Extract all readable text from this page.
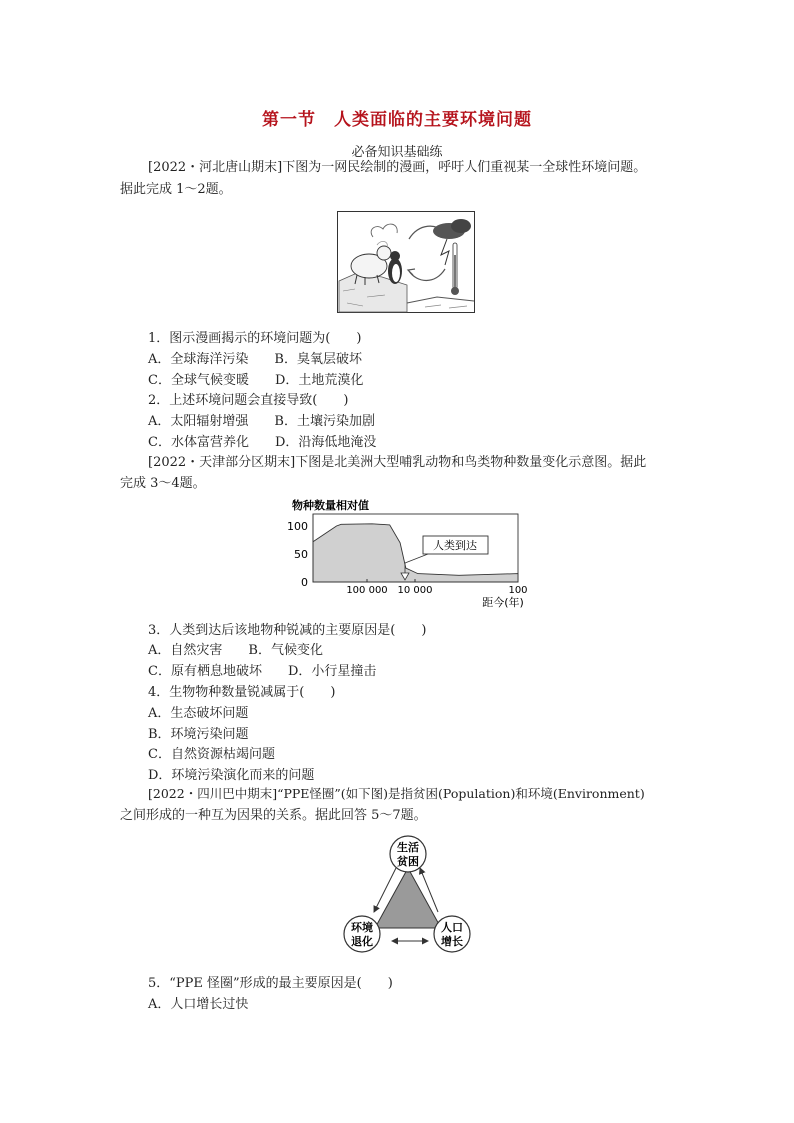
第一节　人类面临的主要环境问题
必备知识基础练
[2022・河北唐山期末]下图为一网民绘制的漫画，呼吁人们重视某一全球性环境问题。
据此完成 1～2题。
1．图示漫画揭示的环境问题为(　　)
A．全球海洋污染　　B．臭氧层破坏
C．全球气候变暖　　D．土地荒漠化
2．上述环境问题会直接导致(　　)
A．太阳辐射增强　　B．土壤污染加剧
C．水体富营养化　　D．沿海低地淹没
[2022・天津部分区期末]下图是北美洲大型哺乳动物和鸟类物种数量变化示意图。据此
完成 3～4题。
物种数量相对值
100
50
0
100 000 10 000	100
距今(年)
人类到达
3．人类到达后该地物种锐减的主要原因是(　　)
A．自然灾害　　B．气候变化
C．原有栖息地破坏　　D．小行星撞击
4．生物物种数量锐减属于(　　)
A．生态破坏问题
B．环境污染问题
C．自然资源枯竭问题
D．环境污染演化而来的问题
[2022・四川巴中期末]“PPE怪圈”(如下图)是指贫困(Population)和环境(Environment)
之间形成的一种互为因果的关系。据此回答 5～7题。
生活
贫困
环境
退化
人口
增长
5．“PPE 怪圈”形成的最主要原因是(　　)
A．人口增长过快
